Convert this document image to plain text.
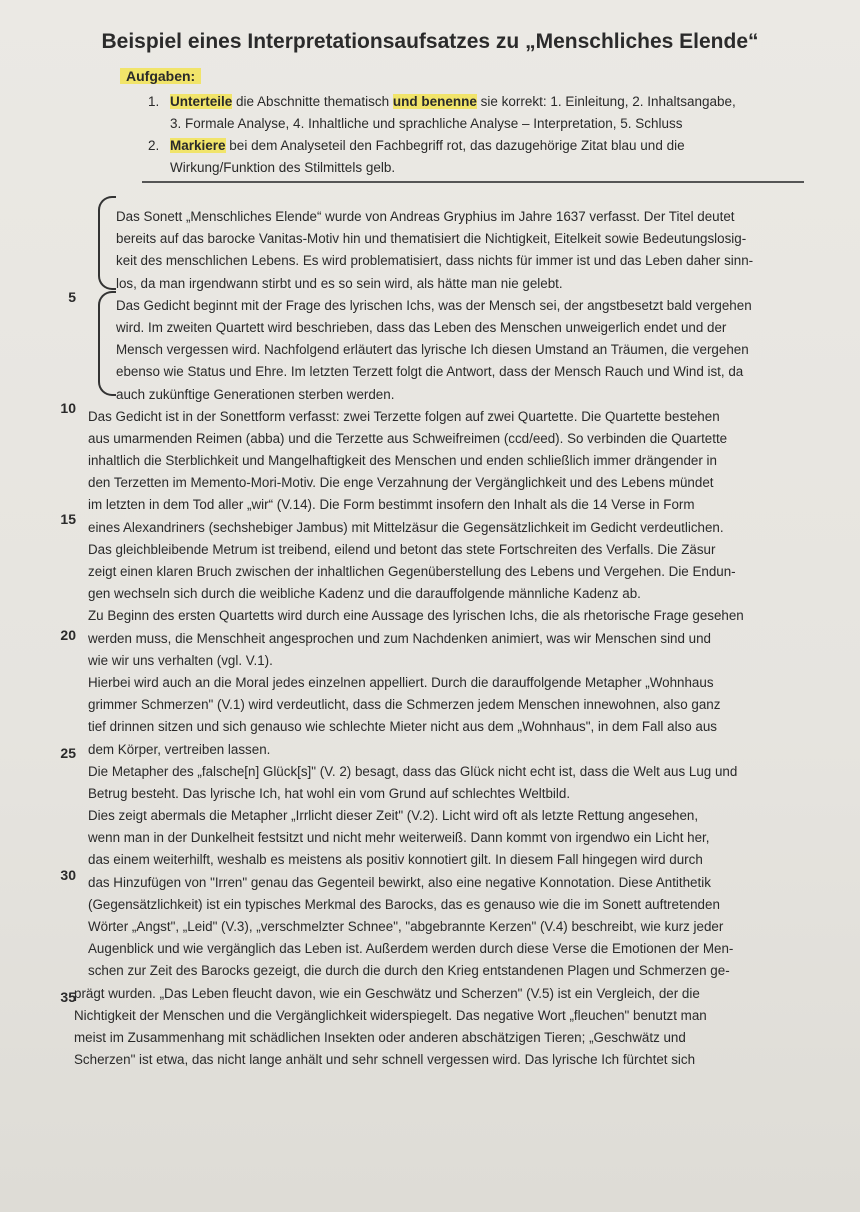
Beispiel eines Interpretationsaufsatzes zu „Menschliches Elende“
Aufgaben:
1. Unterteile die Abschnitte thematisch und benenne sie korrekt: 1. Einleitung, 2. Inhaltsangabe,
3. Formale Analyse, 4. Inhaltliche und sprachliche Analyse – Interpretation, 5. Schluss
2. Markiere bei dem Analyseteil den Fachbegriff rot, das dazugehörige Zitat blau und die
Wirkung/Funktion des Stilmittels gelb.
5
10
15
20
25
30
35
Das Sonett „Menschliches Elende“ wurde von Andreas Gryphius im Jahre 1637 verfasst. Der Titel deutet
bereits auf das barocke Vanitas-Motiv hin und thematisiert die Nichtigkeit, Eitelkeit sowie Bedeutungslosig-
keit des menschlichen Lebens. Es wird problematisiert, dass nichts für immer ist und das Leben daher sinn-
los, da man irgendwann stirbt und es so sein wird, als hätte man nie gelebt.
Das Gedicht beginnt mit der Frage des lyrischen Ichs, was der Mensch sei, der angstbesetzt bald vergehen
wird. Im zweiten Quartett wird beschrieben, dass das Leben des Menschen unweigerlich endet und der
Mensch vergessen wird. Nachfolgend erläutert das lyrische Ich diesen Umstand an Träumen, die vergehen
ebenso wie Status und Ehre. Im letzten Terzett folgt die Antwort, dass der Mensch Rauch und Wind ist, da
auch zukünftige Generationen sterben werden.
Das Gedicht ist in der Sonettform verfasst: zwei Terzette folgen auf zwei Quartette. Die Quartette bestehen
aus umarmenden Reimen (abba) und die Terzette aus Schweifreimen (ccd/eed). So verbinden die Quartette
inhaltlich die Sterblichkeit und Mangelhaftigkeit des Menschen und enden schließlich immer drängender in
den Terzetten im Memento-Mori-Motiv. Die enge Verzahnung der Vergänglichkeit und des Lebens mündet
im letzten in dem Tod aller „wir“ (V.14). Die Form bestimmt insofern den Inhalt als die 14 Verse in Form
eines Alexandriners (sechshebiger Jambus) mit Mittelzäsur die Gegensätzlichkeit im Gedicht verdeutlichen.
Das gleichbleibende Metrum ist treibend, eilend und betont das stete Fortschreiten des Verfalls. Die Zäsur
zeigt einen klaren Bruch zwischen der inhaltlichen Gegenüberstellung des Lebens und Vergehen. Die Endun-
gen wechseln sich durch die weibliche Kadenz und die darauffolgende männliche Kadenz ab.
Zu Beginn des ersten Quartetts wird durch eine Aussage des lyrischen Ichs, die als rhetorische Frage gesehen
werden muss, die Menschheit angesprochen und zum Nachdenken animiert, was wir Menschen sind und
wie wir uns verhalten (vgl. V.1).
Hierbei wird auch an die Moral jedes einzelnen appelliert. Durch die darauffolgende Metapher „Wohnhaus
grimmer Schmerzen" (V.1) wird verdeutlicht, dass die Schmerzen jedem Menschen innewohnen, also ganz
tief drinnen sitzen und sich genauso wie schlechte Mieter nicht aus dem „Wohnhaus", in dem Fall also aus
dem Körper, vertreiben lassen.
Die Metapher des „falsche[n] Glück[s]" (V. 2) besagt, dass das Glück nicht echt ist, dass die Welt aus Lug und
Betrug besteht. Das lyrische Ich, hat wohl ein vom Grund auf schlechtes Weltbild.
Dies zeigt abermals die Metapher „Irrlicht dieser Zeit" (V.2). Licht wird oft als letzte Rettung angesehen,
wenn man in der Dunkelheit festsitzt und nicht mehr weiterweiß. Dann kommt von irgendwo ein Licht her,
das einem weiterhilft, weshalb es meistens als positiv konnotiert gilt. In diesem Fall hingegen wird durch
das Hinzufügen von "Irren" genau das Gegenteil bewirkt, also eine negative Konnotation. Diese Antithetik
(Gegensätzlichkeit) ist ein typisches Merkmal des Barocks, das es genauso wie die im Sonett auftretenden
Wörter „Angst", „Leid" (V.3), „verschmelzter Schnee", "abgebrannte Kerzen" (V.4) beschreibt, wie kurz jeder
Augenblick und wie vergänglich das Leben ist. Außerdem werden durch diese Verse die Emotionen der Men-
schen zur Zeit des Barocks gezeigt, die durch die durch den Krieg entstandenen Plagen und Schmerzen ge-
prägt wurden. „Das Leben fleucht davon, wie ein Geschwätz und Scherzen" (V.5) ist ein Vergleich, der die
Nichtigkeit der Menschen und die Vergänglichkeit widerspiegelt. Das negative Wort „fleuchen" benutzt man
meist im Zusammenhang mit schädlichen Insekten oder anderen abschätzigen Tieren; „Geschwätz und
Scherzen" ist etwa, das nicht lange anhält und sehr schnell vergessen wird. Das lyrische Ich fürchtet sich
